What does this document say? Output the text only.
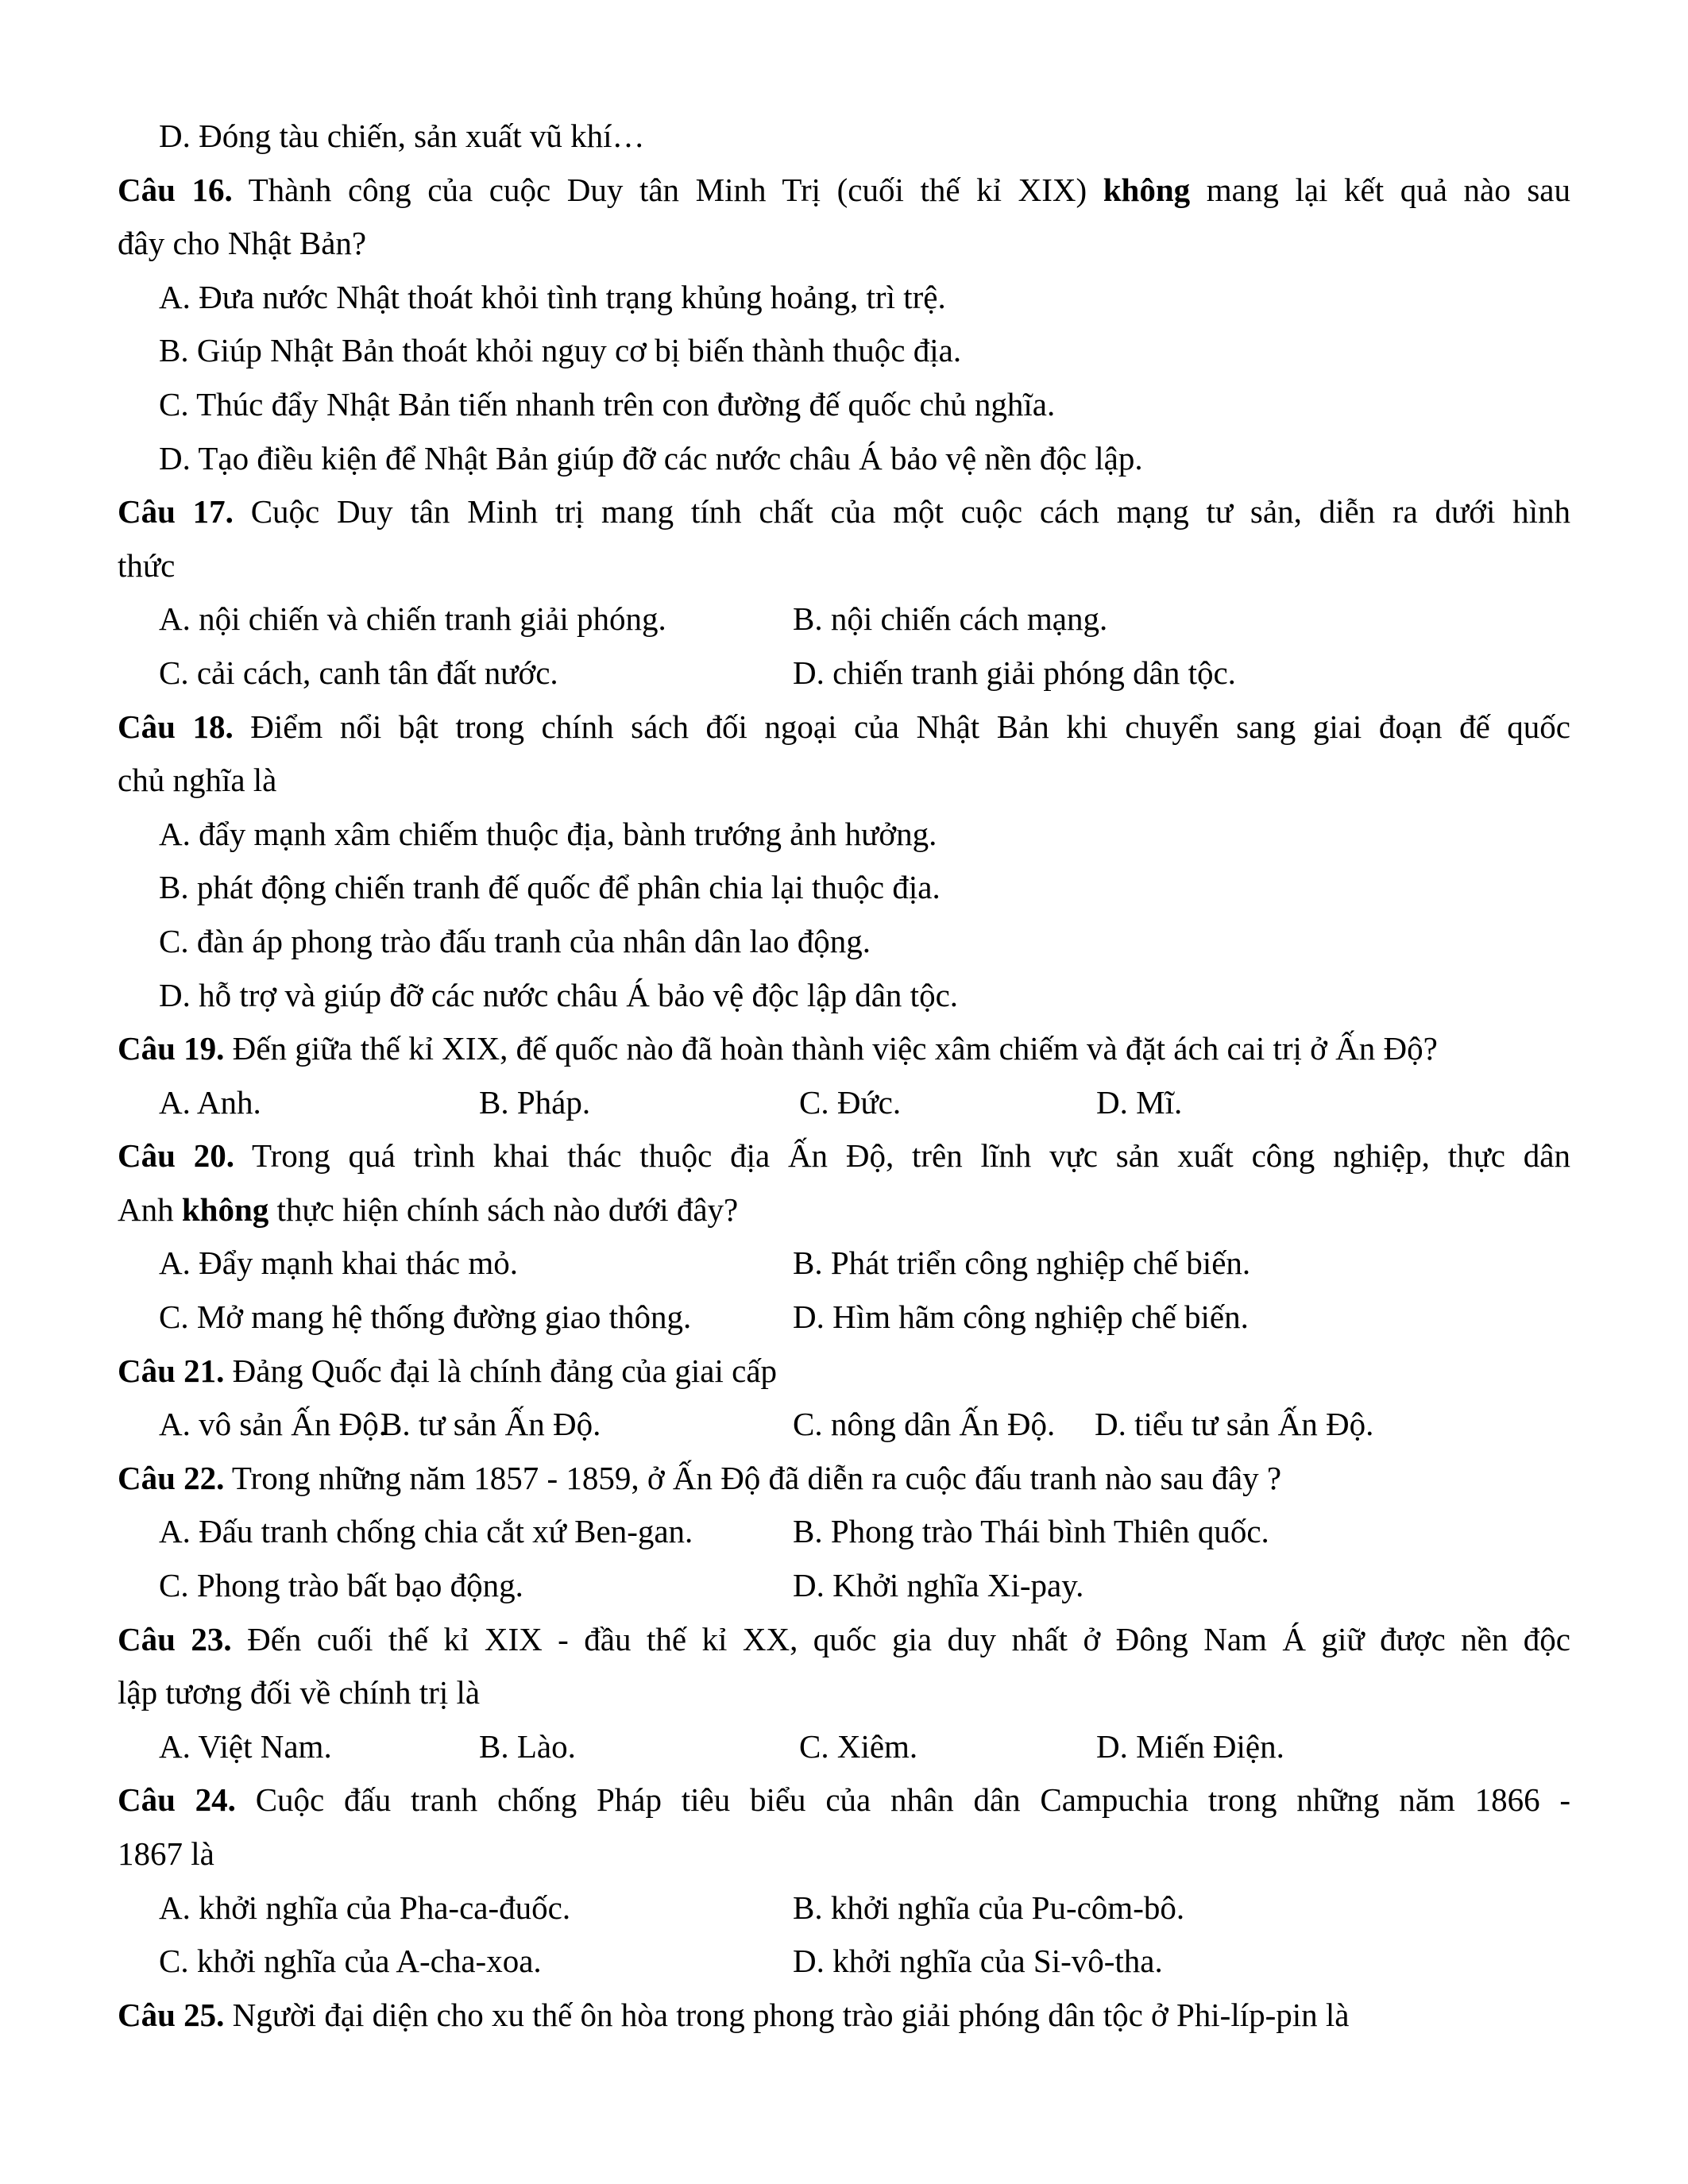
D. Đóng tàu chiến, sản xuất vũ khí…
Câu 16. Thành công của cuộc Duy tân Minh Trị (cuối thế kỉ XIX) không mang lại kết quả nào sau
đây cho Nhật Bản?
A. Đưa nước Nhật thoát khỏi tình trạng khủng hoảng, trì trệ.
B. Giúp Nhật Bản thoát khỏi nguy cơ bị biến thành thuộc địa.
C. Thúc đẩy Nhật Bản tiến nhanh trên con đường đế quốc chủ nghĩa.
D. Tạo điều kiện để Nhật Bản giúp đỡ các nước châu Á bảo vệ nền độc lập.
Câu 17. Cuộc Duy tân Minh trị mang tính chất của một cuộc cách mạng tư sản, diễn ra dưới hình
thức
A. nội chiến và chiến tranh giải phóng.	B. nội chiến cách mạng.
C. cải cách, canh tân đất nước.	D. chiến tranh giải phóng dân tộc.
Câu 18. Điểm nổi bật trong chính sách đối ngoại của Nhật Bản khi chuyển sang giai đoạn đế quốc
chủ nghĩa là
A. đẩy mạnh xâm chiếm thuộc địa, bành trướng ảnh hưởng.
B. phát động chiến tranh đế quốc để phân chia lại thuộc địa.
C. đàn áp phong trào đấu tranh của nhân dân lao động.
D. hỗ trợ và giúp đỡ các nước châu Á bảo vệ độc lập dân tộc.
Câu 19. Đến giữa thế kỉ XIX, đế quốc nào đã hoàn thành việc xâm chiếm và đặt ách cai trị ở Ấn Độ?
A. Anh.	B. Pháp.	C. Đức.	D. Mĩ.
Câu 20. Trong quá trình khai thác thuộc địa Ấn Độ, trên lĩnh vực sản xuất công nghiệp, thực dân
Anh không thực hiện chính sách nào dưới đây?
A. Đẩy mạnh khai thác mỏ.	B. Phát triển công nghiệp chế biến.
C. Mở mang hệ thống đường giao thông.	D. Hìm hãm công nghiệp chế biến.
Câu 21. Đảng Quốc đại là chính đảng của giai cấp
A. vô sản Ấn Độ.
B. tư sản Ấn Độ.	C. nông dân Ấn Độ. D. tiểu tư sản Ấn Độ.
Câu 22. Trong những năm 1857 - 1859, ở Ấn Độ đã diễn ra cuộc đấu tranh nào sau đây ?
A. Đấu tranh chống chia cắt xứ Ben-gan.	B. Phong trào Thái bình Thiên quốc.
C. Phong trào bất bạo động.	D. Khởi nghĩa Xi-pay.
Câu 23. Đến cuối thế kỉ XIX - đầu thế kỉ XX, quốc gia duy nhất ở Đông Nam Á giữ được nền độc
lập tương đối về chính trị là
A. Việt Nam.	B. Lào.	C. Xiêm.	D. Miến Điện.
Câu 24. Cuộc đấu tranh chống Pháp tiêu biểu của nhân dân Campuchia trong những năm 1866 -
1867 là
A. khởi nghĩa của Pha-ca-đuốc.	B. khởi nghĩa của Pu-côm-bô.
C. khởi nghĩa của A-cha-xoa.	D. khởi nghĩa của Si-vô-tha.
Câu 25. Người đại diện cho xu thế ôn hòa trong phong trào giải phóng dân tộc ở Phi-líp-pin là
